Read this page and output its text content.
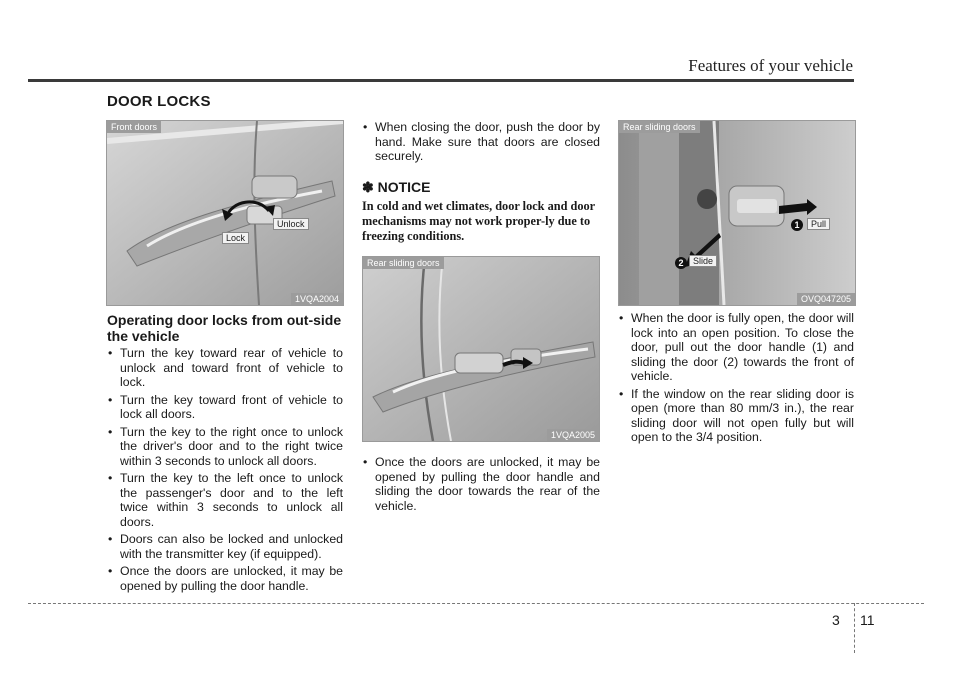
Features of your vehicle
DOOR LOCKS
Front doors
Lock
Unlock
1VQA2004
Operating door locks from out-side the vehicle
• Turn the key toward rear of vehicle to unlock and toward front of vehicle to lock.
• Turn the key toward front of vehicle to lock all doors.
• Turn the key to the right once to unlock the driver's door and to the right twice within 3 seconds to unlock all doors.
• Turn the key to the left once to unlock the passenger's door and to the left twice within 3 seconds to unlock all doors.
• Doors can also be locked and unlocked with the transmitter key (if equipped).
• Once the doors are unlocked, it may be opened by pulling the door handle.
• When closing the door, push the door by hand. Make sure that doors are closed securely.
✽ NOTICE
In cold and wet climates, door lock and door mechanisms may not work proper-ly due to freezing conditions.
Rear sliding doors
1VQA2005
• Once the doors are unlocked, it may be opened by pulling the door handle and sliding the door towards the rear of the vehicle.
Rear sliding doors
1	Pull
2	Slide
OVQ047205
• When the door is fully open, the door will lock into an open position. To close the door, pull out the door handle (1) and sliding the door (2) towards the front of vehicle.
• If the window on the rear sliding door is open (more than 80 mm/3 in.), the rear sliding door will not open fully but will open to the 3/4 position.
3 11
